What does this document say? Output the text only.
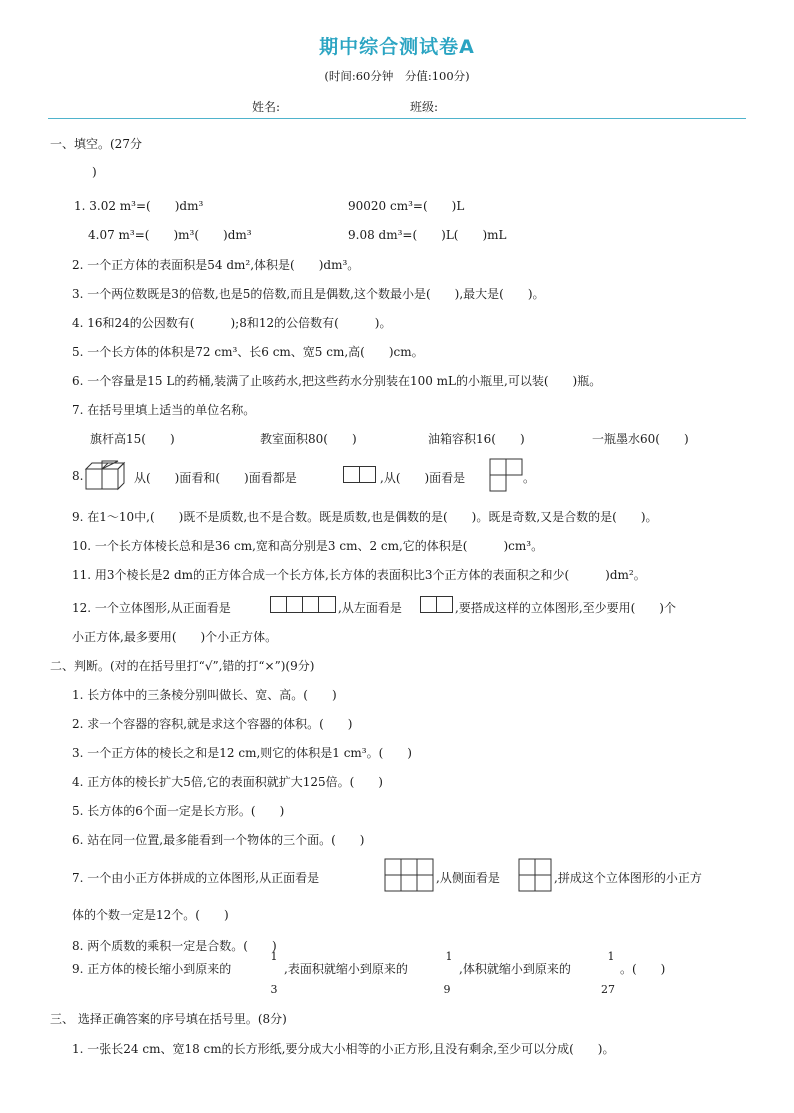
期中综合测试卷A
(时间:60分钟　分值:100分)
姓名:	班级:
一、填空。(27分
)
1. 3.02 m³=(　　)dm³	90020 cm³=(　　)L
4.07 m³=(　　)m³(　　)dm³	9.08 dm³=(　　)L(　　)mL
2. 一个正方体的表面积是54 dm²,体积是(　　)dm³。
3. 一个两位数既是3的倍数,也是5的倍数,而且是偶数,这个数最小是(　　),最大是(　　)。
4. 16和24的公因数有(　　　);8和12的公倍数有(　　　)。
5. 一个长方体的体积是72 cm³、长6 cm、宽5 cm,高(　　)cm。
6. 一个容量是15 L的药桶,装满了止咳药水,把这些药水分别装在100 mL的小瓶里,可以装(　　)瓶。
7. 在括号里填上适当的单位名称。
旗杆高15(　　)	教室面积80(　　)	油箱容积16(　　)	一瓶墨水60(　　)
8.	从(　　)面看和(　　)面看都是	,从(　　)面看是	。
9. 在1～10中,(　　)既不是质数,也不是合数。既是质数,也是偶数的是(　　)。既是奇数,又是合数的是(　　)。
10. 一个长方体棱长总和是36 cm,宽和高分别是3 cm、2 cm,它的体积是(　　　)cm³。
11. 用3个棱长是2 dm的正方体合成一个长方体,长方体的表面积比3个正方体的表面积之和少(　　　)dm²。
12. 一个立体图形,从正面看是	,从左面看是	,要搭成这样的立体图形,至少要用(　　)个
小正方体,最多要用(　　)个小正方体。
二、判断。(对的在括号里打“√”,错的打“×”)(9分)
1. 长方体中的三条棱分别叫做长、宽、高。(　　)
2. 求一个容器的容积,就是求这个容器的体积。(　　)
3. 一个正方体的棱长之和是12 cm,则它的体积是1 cm³。(　　)
4. 正方体的棱长扩大5倍,它的表面积就扩大125倍。(　　)
5. 长方体的6个面一定是长方形。(　　)
6. 站在同一位置,最多能看到一个物体的三个面。(　　)
7. 一个由小正方体拼成的立体图形,从正面看是	,从侧面看是	,拼成这个立体图形的小正方
体的个数一定是12个。(　　)
8. 两个质数的乘积一定是合数。(　　)
9. 正方体的棱长缩小到原来的
1
3
,表面积就缩小到原来的
1
9
,体积就缩小到原来的
1
27
。(　　)
三、 选择正确答案的序号填在括号里。(8分)
1. 一张长24 cm、宽18 cm的长方形纸,要分成大小相等的小正方形,且没有剩余,至少可以分成(　　)。
